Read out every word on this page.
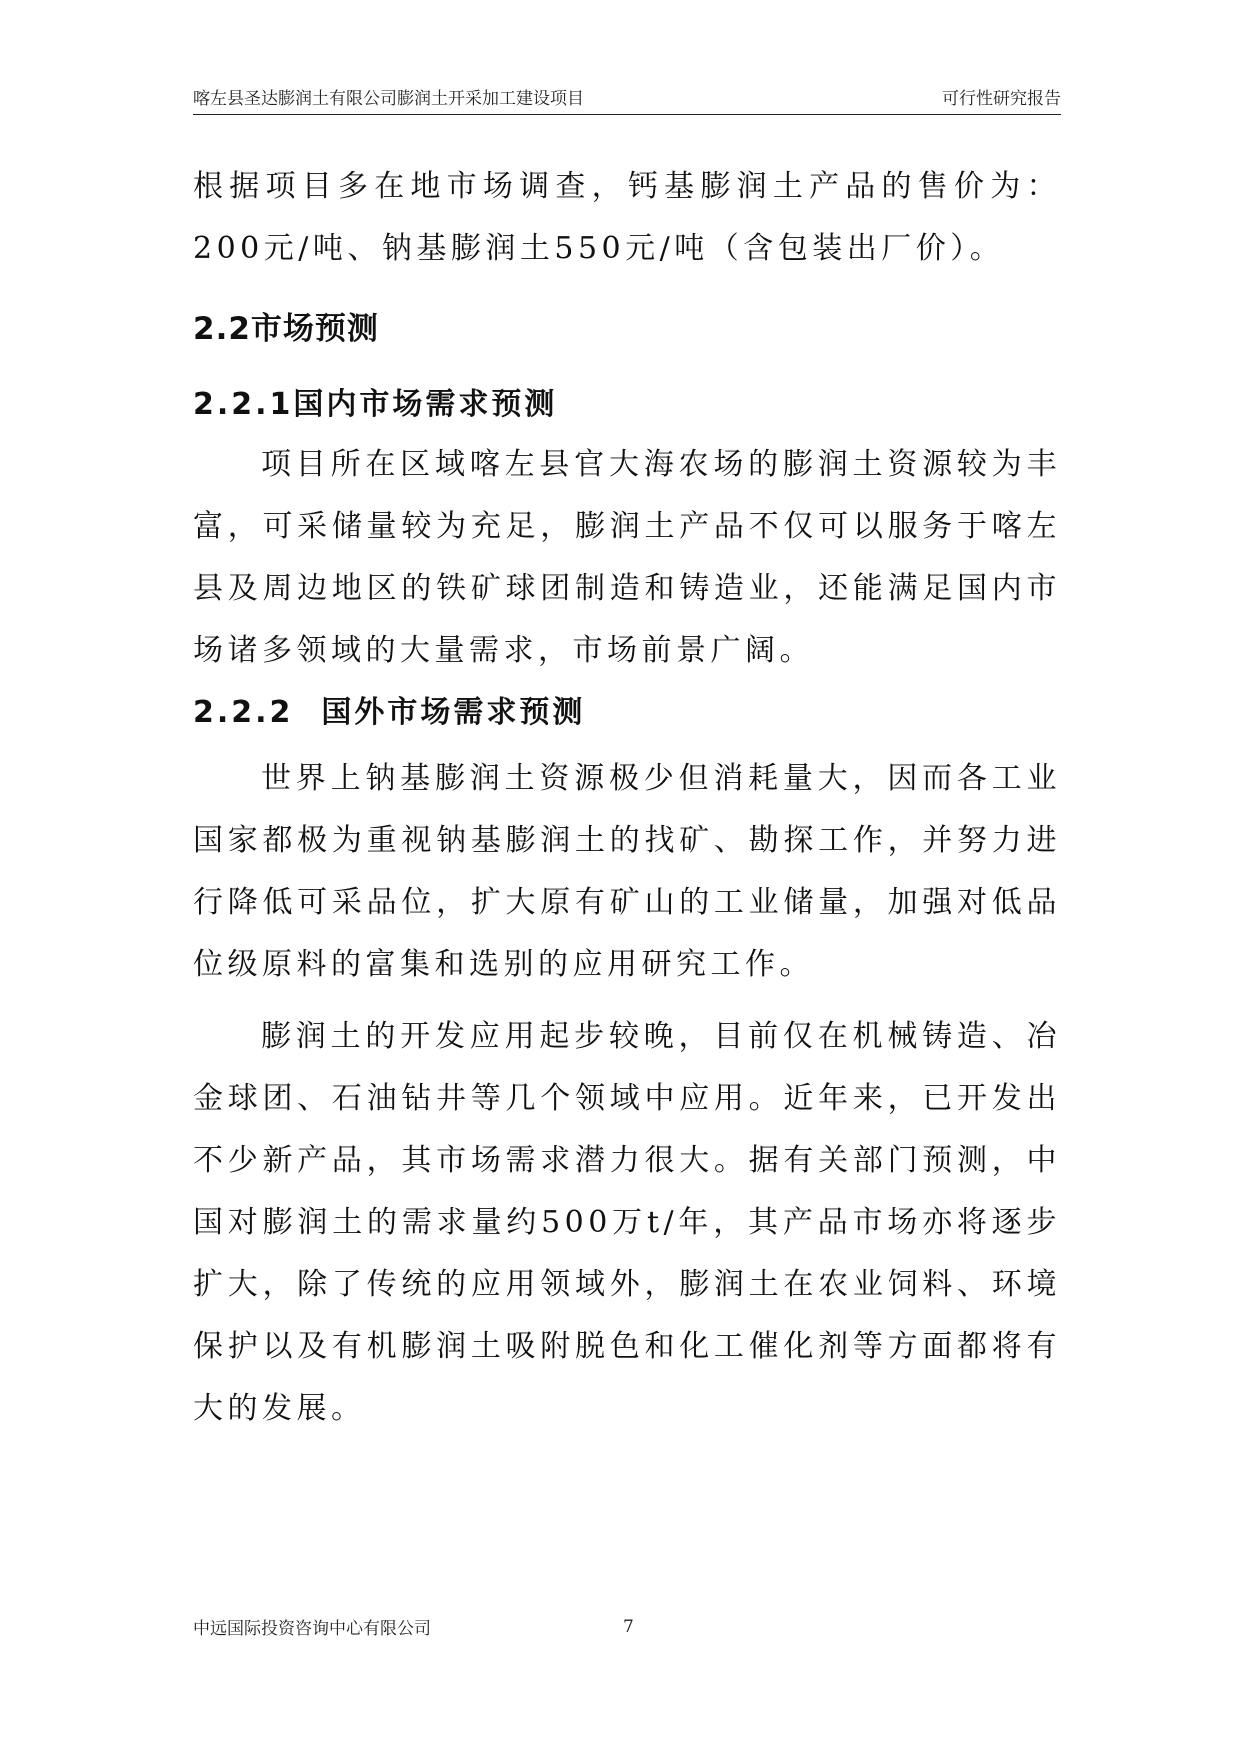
喀左县圣达膨润土有限公司膨润土开采加工建设项目	可行性研究报告

根据项目多在地市场调查，钙基膨润土产品的售价为：200元/吨、钠基膨润土550元/吨（含包装出厂价）。

2.2市场预测
2.2.1国内市场需求预测

项目所在区域喀左县官大海农场的膨润土资源较为丰富，可采储量较为充足，膨润土产品不仅可以服务于喀左县及周边地区的铁矿球团制造和铸造业，还能满足国内市场诸多领域的大量需求，市场前景广阔。

2.2.2 国外市场需求预测

世界上钠基膨润土资源极少但消耗量大，因而各工业国家都极为重视钠基膨润土的找矿、勘探工作，并努力进行降低可采品位，扩大原有矿山的工业储量，加强对低品位级原料的富集和选别的应用研究工作。

膨润土的开发应用起步较晚，目前仅在机械铸造、冶金球团、石油钻井等几个领域中应用。近年来，已开发出不少新产品，其市场需求潜力很大。据有关部门预测，中国对膨润土的需求量约500万t/年，其产品市场亦将逐步扩大，除了传统的应用领域外，膨润土在农业饲料、环境保护以及有机膨润土吸附脱色和化工催化剂等方面都将有大的发展。

中远国际投资咨询中心有限公司	7
